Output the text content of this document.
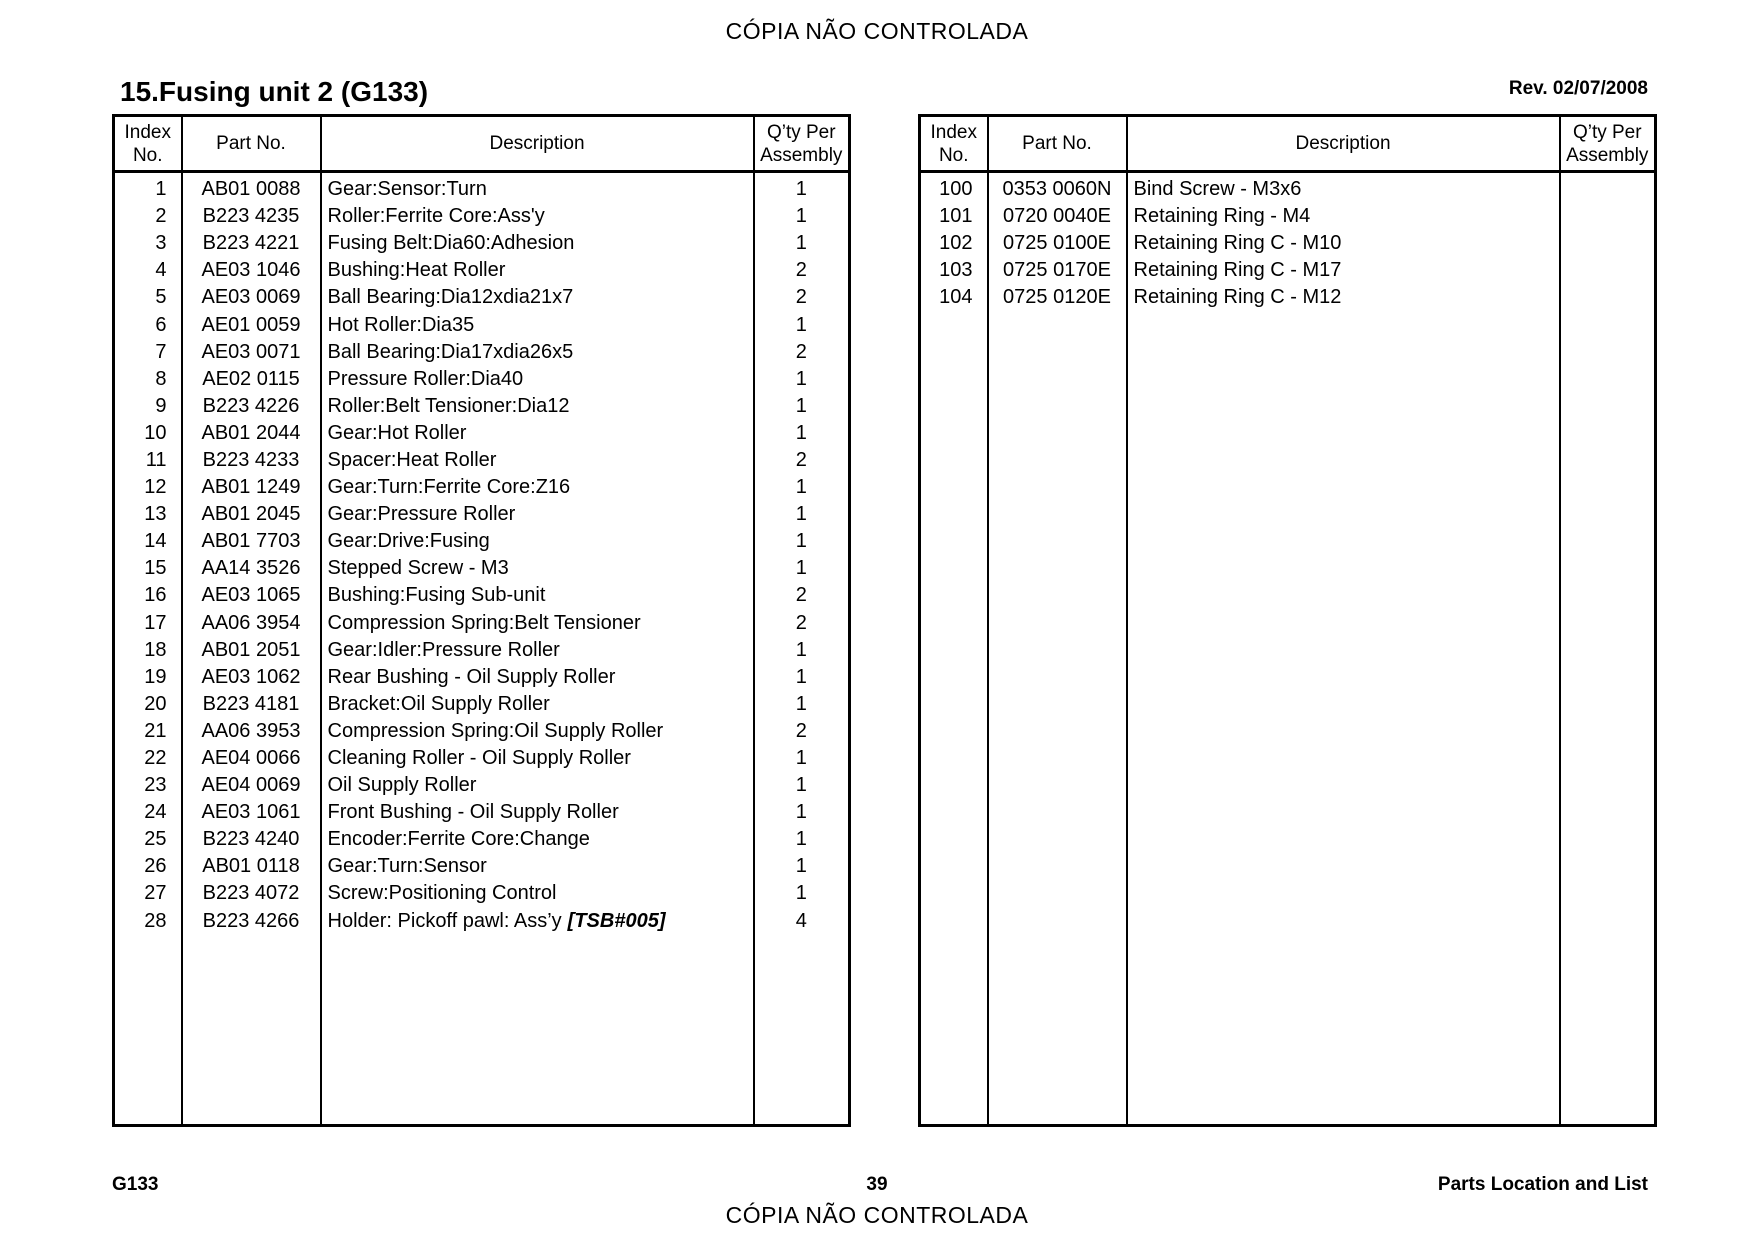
CÓPIA NÃO CONTROLADA
15.Fusing unit 2 (G133)	Rev. 02/07/2008
Index
No.	Part No.	Description	Q’ty Per
Assembly
1	AB01 0088	Gear:Sensor:Turn	1
2	B223 4235	Roller:Ferrite Core:Ass'y	1
3	B223 4221	Fusing Belt:Dia60:Adhesion	1
4	AE03 1046	Bushing:Heat Roller	2
5	AE03 0069	Ball Bearing:Dia12xdia21x7	2
6	AE01 0059	Hot Roller:Dia35	1
7	AE03 0071	Ball Bearing:Dia17xdia26x5	2
8	AE02 0115	Pressure Roller:Dia40	1
9	B223 4226	Roller:Belt Tensioner:Dia12	1
10	AB01 2044	Gear:Hot Roller	1
11	B223 4233	Spacer:Heat Roller	2
12	AB01 1249	Gear:Turn:Ferrite Core:Z16	1
13	AB01 2045	Gear:Pressure Roller	1
14	AB01 7703	Gear:Drive:Fusing	1
15	AA14 3526	Stepped Screw - M3	1
16	AE03 1065	Bushing:Fusing Sub-unit	2
17	AA06 3954	Compression Spring:Belt Tensioner	2
18	AB01 2051	Gear:Idler:Pressure Roller	1
19	AE03 1062	Rear Bushing - Oil Supply Roller	1
20	B223 4181	Bracket:Oil Supply Roller	1
21	AA06 3953	Compression Spring:Oil Supply Roller	2
22	AE04 0066	Cleaning Roller - Oil Supply Roller	1
23	AE04 0069	Oil Supply Roller	1
24	AE03 1061	Front Bushing - Oil Supply Roller	1
25	B223 4240	Encoder:Ferrite Core:Change	1
26	AB01 0118	Gear:Turn:Sensor	1
27	B223 4072	Screw:Positioning Control	1
28	B223 4266	Holder: Pickoff pawl: Ass’y [TSB#005]	4

Index
No.	Part No.	Description	Q’ty Per
Assembly
100	0353 0060N	Bind Screw - M3x6	
101	0720 0040E	Retaining Ring - M4	
102	0725 0100E	Retaining Ring C - M10	
103	0725 0170E	Retaining Ring C - M17	
104	0725 0120E	Retaining Ring C - M12	

G133	39	Parts Location and List
CÓPIA NÃO CONTROLADA
